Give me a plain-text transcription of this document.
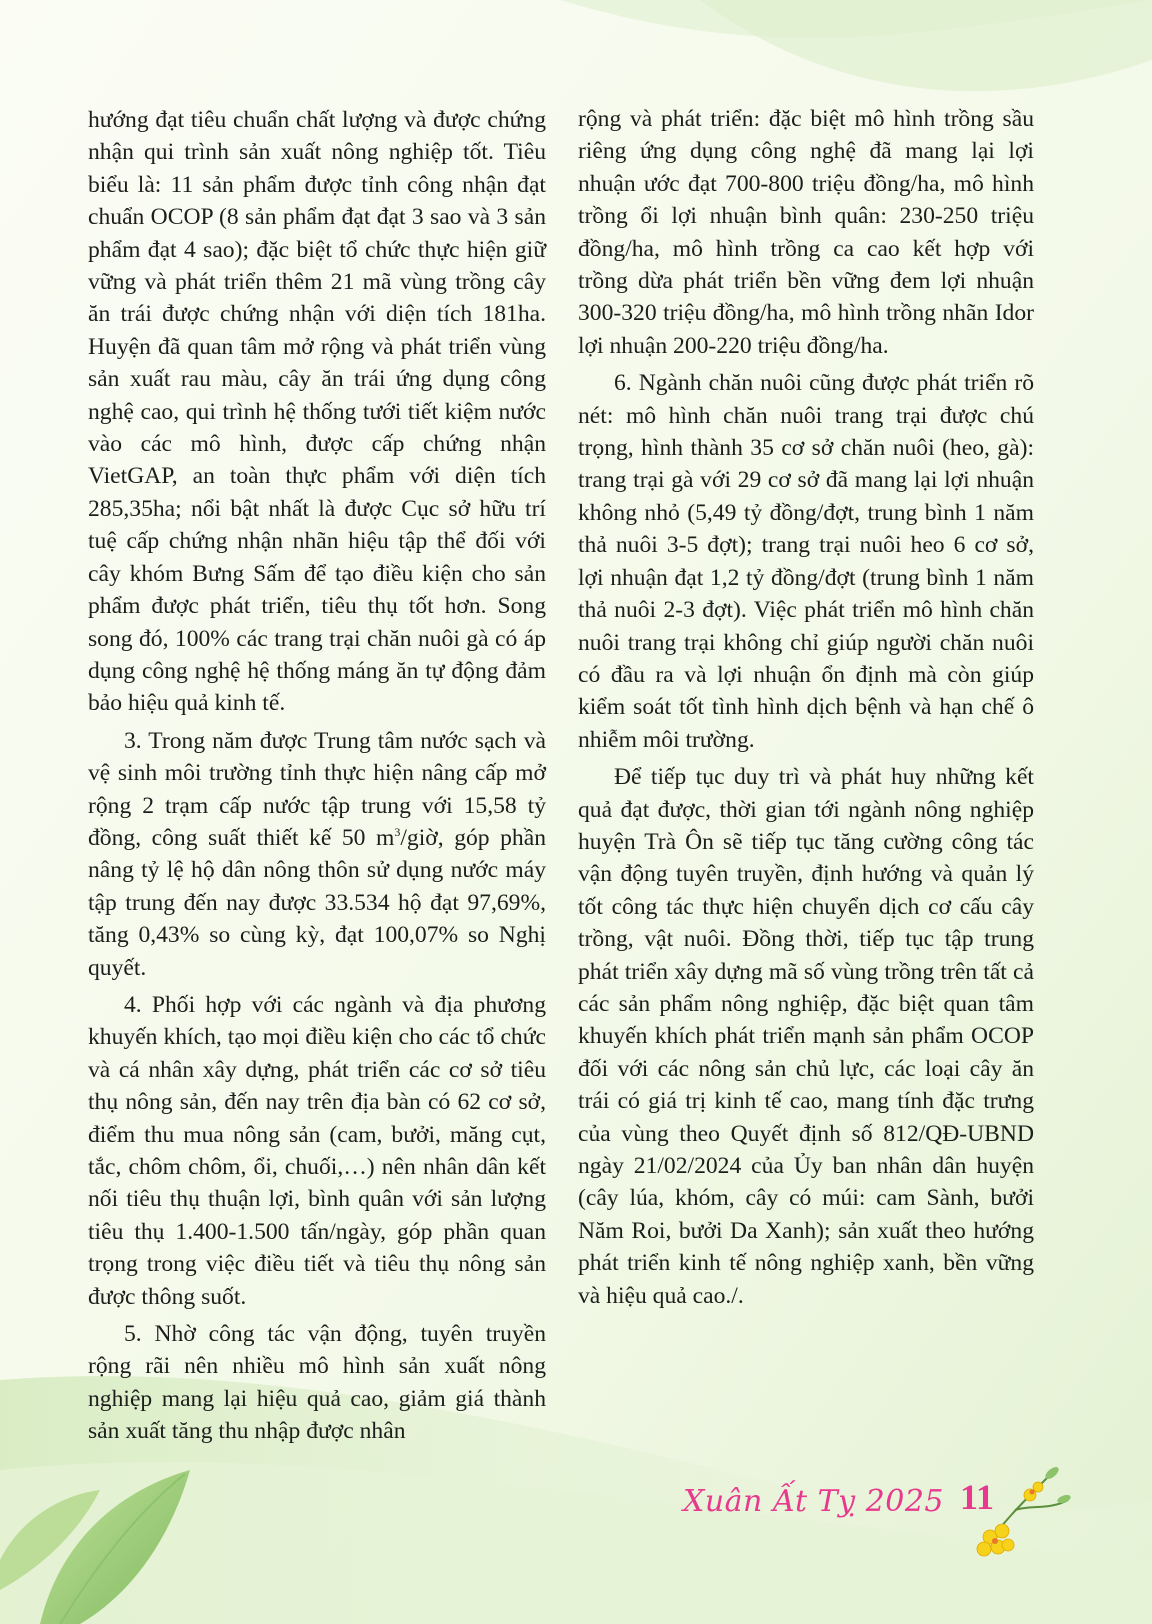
hướng đạt tiêu chuẩn chất lượng và được chứng nhận qui trình sản xuất nông nghiệp tốt. Tiêu biểu là: 11 sản phẩm được tỉnh công nhận đạt chuẩn OCOP (8 sản phẩm đạt đạt 3 sao và 3 sản phẩm đạt 4 sao); đặc biệt tổ chức thực hiện giữ vững và phát triển thêm 21 mã vùng trồng cây ăn trái được chứng nhận với diện tích 181ha. Huyện đã quan tâm mở rộng và phát triển vùng sản xuất rau màu, cây ăn trái ứng dụng công nghệ cao, qui trình hệ thống tưới tiết kiệm nước vào các mô hình, được cấp chứng nhận VietGAP, an toàn thực phẩm với diện tích 285,35ha; nổi bật nhất là được Cục sở hữu trí tuệ cấp chứng nhận nhãn hiệu tập thể đối với cây khóm Bưng Sấm để tạo điều kiện cho sản phẩm được phát triển, tiêu thụ tốt hơn. Song song đó, 100% các trang trại chăn nuôi gà có áp dụng công nghệ hệ thống máng ăn tự động đảm bảo hiệu quả kinh tế.

3. Trong năm được Trung tâm nước sạch và vệ sinh môi trường tỉnh thực hiện nâng cấp mở rộng 2 trạm cấp nước tập trung với 15,58 tỷ đồng, công suất thiết kế 50 $m^3$/giờ, góp phần nâng tỷ lệ hộ dân nông thôn sử dụng nước máy tập trung đến nay được 33.534 hộ đạt 97,69%, tăng 0,43% so cùng kỳ, đạt 100,07% so Nghị quyết.

4. Phối hợp với các ngành và địa phương khuyến khích, tạo mọi điều kiện cho các tổ chức và cá nhân xây dựng, phát triển các cơ sở tiêu thụ nông sản, đến nay trên địa bàn có 62 cơ sở, điểm thu mua nông sản (cam, bưởi, măng cụt, tắc, chôm chôm, ổi, chuối,…) nên nhân dân kết nối tiêu thụ thuận lợi, bình quân với sản lượng tiêu thụ 1.400-1.500 tấn/ngày, góp phần quan trọng trong việc điều tiết và tiêu thụ nông sản được thông suốt.

5. Nhờ công tác vận động, tuyên truyền rộng rãi nên nhiều mô hình sản xuất nông nghiệp mang lại hiệu quả cao, giảm giá thành sản xuất tăng thu nhập được nhân

rộng và phát triển: đặc biệt mô hình trồng sầu riêng ứng dụng công nghệ đã mang lại lợi nhuận ước đạt 700-800 triệu đồng/ha, mô hình trồng ổi lợi nhuận bình quân: 230-250 triệu đồng/ha, mô hình trồng ca cao kết hợp với trồng dừa phát triển bền vững đem lợi nhuận 300-320 triệu đồng/ha, mô hình trồng nhãn Idor lợi nhuận 200-220 triệu đồng/ha.

6. Ngành chăn nuôi cũng được phát triển rõ nét: mô hình chăn nuôi trang trại được chú trọng, hình thành 35 cơ sở chăn nuôi (heo, gà): trang trại gà với 29 cơ sở đã mang lại lợi nhuận không nhỏ (5,49 tỷ đồng/đợt, trung bình 1 năm thả nuôi 3-5 đợt); trang trại nuôi heo 6 cơ sở, lợi nhuận đạt 1,2 tỷ đồng/đợt (trung bình 1 năm thả nuôi 2-3 đợt). Việc phát triển mô hình chăn nuôi trang trại không chỉ giúp người chăn nuôi có đầu ra và lợi nhuận ổn định mà còn giúp kiểm soát tốt tình hình dịch bệnh và hạn chế ô nhiễm môi trường.

Để tiếp tục duy trì và phát huy những kết quả đạt được, thời gian tới ngành nông nghiệp huyện Trà Ôn sẽ tiếp tục tăng cường công tác vận động tuyên truyền, định hướng và quản lý tốt công tác thực hiện chuyển dịch cơ cấu cây trồng, vật nuôi. Đồng thời, tiếp tục tập trung phát triển xây dựng mã số vùng trồng trên tất cả các sản phẩm nông nghiệp, đặc biệt quan tâm khuyến khích phát triển mạnh sản phẩm OCOP đối với các nông sản chủ lực, các loại cây ăn trái có giá trị kinh tế cao, mang tính đặc trưng của vùng theo Quyết định số 812/QĐ-UBND ngày 21/02/2024 của Ủy ban nhân dân huyện (cây lúa, khóm, cây có múi: cam Sành, bưởi Năm Roi, bưởi Da Xanh); sản xuất theo hướng phát triển kinh tế nông nghiệp xanh, bền vững và hiệu quả cao./.

Xuân Ất Tỵ 2025 11
